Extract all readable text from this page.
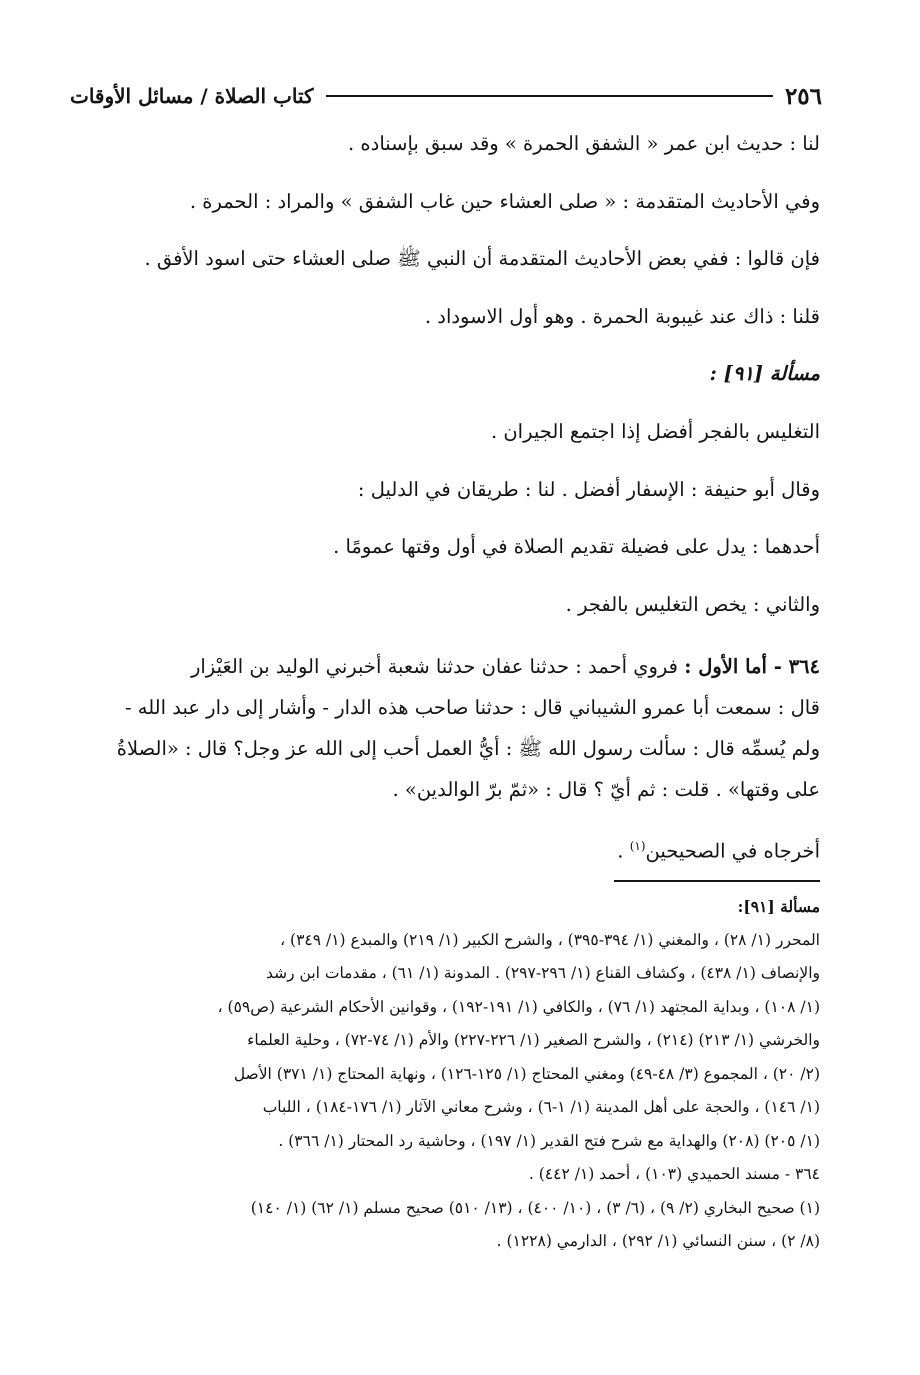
٢٥٦
كتاب الصلاة / مسائل الأوقات

لنا : حديث ابن عمر « الشفق الحمرة » وقد سبق بإسناده .

وفي الأحاديث المتقدمة : « صلى العشاء حين غاب الشفق » والمراد : الحمرة .

فإن قالوا : ففي بعض الأحاديث المتقدمة أن النبي ﷺ صلى العشاء حتى اسود الأفق .

قلنا : ذاك عند غيبوبة الحمرة . وهو أول الاسوداد .

مسألة [٩١] :

التغليس بالفجر أفضل إذا اجتمع الجيران .

وقال أبو حنيفة : الإسفار أفضل . لنا : طريقان في الدليل :

أحدهما : يدل على فضيلة تقديم الصلاة في أول وقتها عمومًا .

والثاني : يخص التغليس بالفجر .

٣٦٤ - أما الأول : فروي أحمد : حدثنا عفان حدثنا شعبة أخبرني الوليد بن العَيْزار

قال : سمعت أبا عمرو الشيباني قال : حدثنا صاحب هذه الدار - وأشار إلى دار عبد الله -

ولم يُسمِّه قال : سألت رسول الله ﷺ : أيُّ العمل أحب إلى الله عز وجل؟ قال : «الصلاةُ

على وقتها» . قلت : ثم أيّ ؟ قال : «ثمّ برّ الوالدين» .

أخرجاه في الصحيحين$^{(١)}$ .

مسألة [٩١]:

المحرر (١/ ٢٨) ، والمغني (١/ ٣٩٤-٣٩٥) ، والشرح الكبير (١/ ٢١٩) والمبدع (١/ ٣٤٩) ،

والإنصاف (١/ ٤٣٨) ، وكشاف القناع (١/ ٢٩٦-٢٩٧) . المدونة (١/ ٦١) ، مقدمات ابن رشد

(١/ ١٠٨) ، وبداية المجتهد (١/ ٧٦) ، والكافي (١/ ١٩١-١٩٢) ، وقوانين الأحكام الشرعية (ص٥٩) ،

والخرشي (١/ ٢١٣) (٢١٤) ، والشرح الصغير (١/ ٢٢٦-٢٢٧) والأم (١/ ٧٤-٧٢) ، وحلية العلماء

(٢/ ٢٠) ، المجموع (٣/ ٤٨-٤٩) ومغني المحتاج (١/ ١٢٥-١٢٦) ، ونهاية المحتاج (١/ ٣٧١) الأصل

(١/ ١٤٦) ، والحجة على أهل المدينة (١/ ١-٦) ، وشرح معاني الآثار (١/ ١٧٦-١٨٤) ، اللباب

(١/ ٢٠٥) (٢٠٨) والهداية مع شرح فتح القدير (١/ ١٩٧) ، وحاشية رد المحتار (١/ ٣٦٦) .

٣٦٤ - مسند الحميدي (١٠٣) ، أحمد (١/ ٤٤٢) .

(١) صحيح البخاري (٢/ ٩) ، (٦/ ٣) ، (١٠/ ٤٠٠) ، (١٣/ ٥١٠) صحيح مسلم (١/ ٦٢) (١/ ١٤٠)

(٨/ ٢) ، سنن النسائي (١/ ٢٩٢) ، الدارمي (١٢٢٨) .
